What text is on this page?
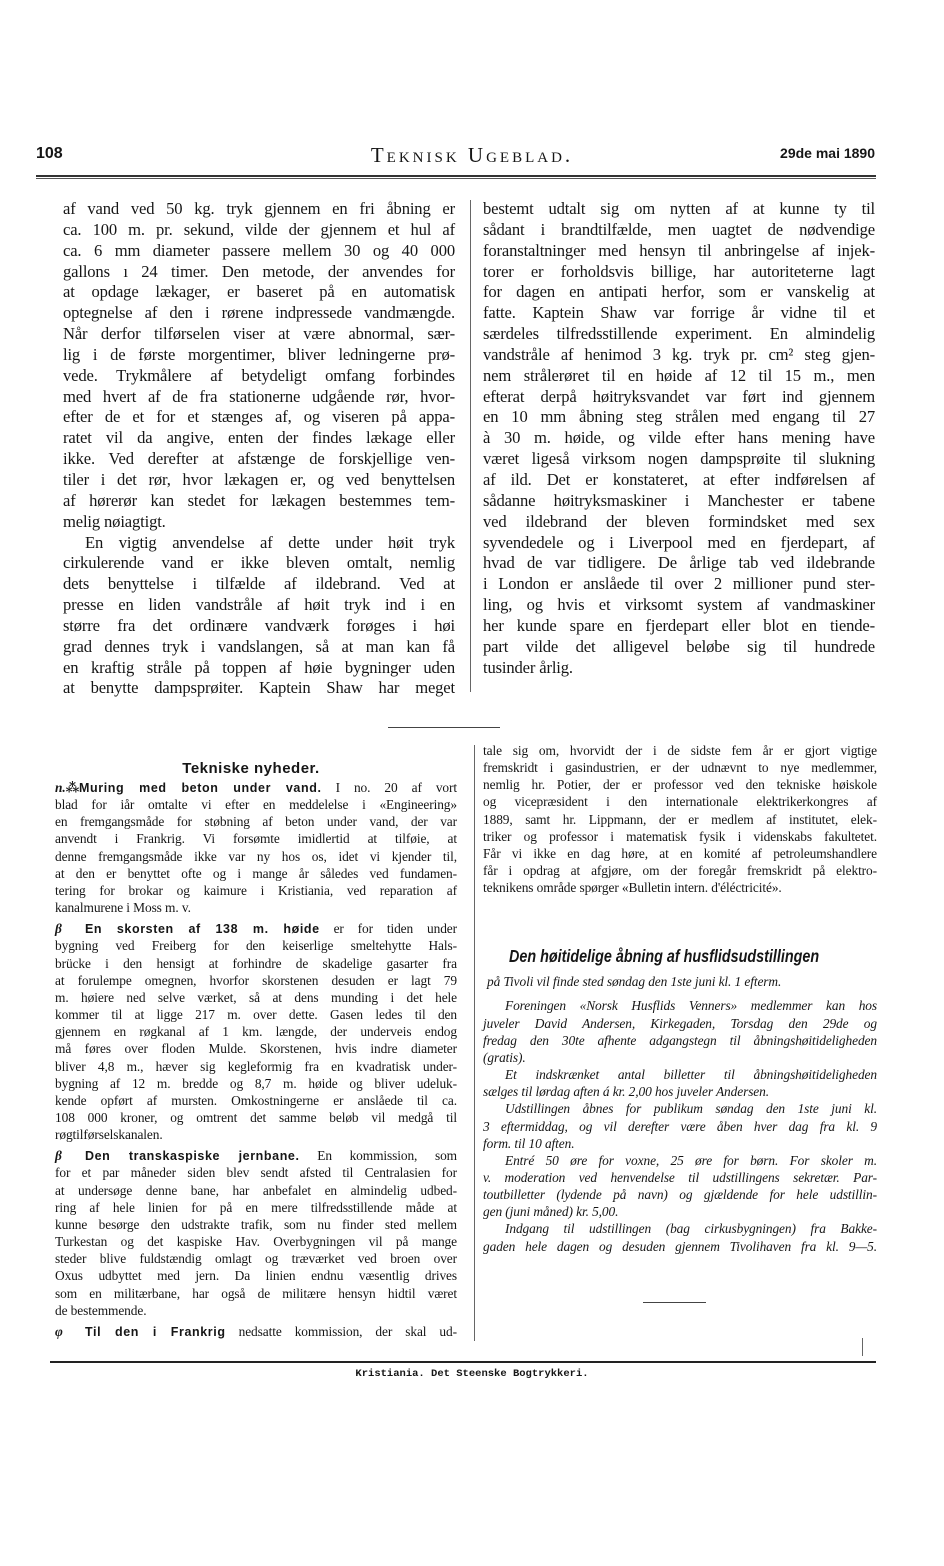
108	Teknisk Ugeblad.	29de mai 1890
af vand ved 50 kg. tryk gjennem en fri åbning er
ca. 100 m. pr. sekund, vilde der gjennem et hul af
ca. 6 mm diameter passere mellem 30 og 40 000
gallons ı 24 timer. Den metode, der anvendes for
at opdage lækager, er baseret på en automatisk
optegnelse af den i rørene indpressede vandmængde.
Når derfor tilførselen viser at være abnormal, sær-
lig i de første morgentimer, bliver ledningerne prø-
vede. Trykmålere af betydeligt omfang forbindes
med hvert af de fra stationerne udgående rør, hvor-
efter de et for et stænges af, og viseren på appa-
ratet vil da angive, enten der findes lækage eller
ikke. Ved derefter at afstænge de forskjellige ven-
tiler i det rør, hvor lækagen er, og ved benyttelsen
af hørerør kan stedet for lækagen bestemmes tem-
melig nøiagtigt.
En vigtig anvendelse af dette under høit tryk
cirkulerende vand er ikke bleven omtalt, nemlig
dets benyttelse i tilfælde af ildebrand. Ved at
presse en liden vandstråle af høit tryk ind i en
større fra det ordinære vandværk forøges i høi
grad dennes tryk i vandslangen, så at man kan få
en kraftig stråle på toppen af høie bygninger uden
at benytte dampsprøiter. Kaptein Shaw har meget
bestemt udtalt sig om nytten af at kunne ty til
sådant i brandtilfælde, men uagtet de nødvendige
foranstaltninger med hensyn til anbringelse af injek-
torer er forholdsvis billige, har autoriteterne lagt
for dagen en antipati herfor, som er vanskelig at
fatte. Kaptein Shaw var forrige år vidne til et
særdeles tilfredsstillende experiment. En almindelig
vandstråle af henimod 3 kg. tryk pr. cm² steg gjen-
nem strålerøret til en høide af 12 til 15 m., men
efterat derpå høitryksvandet var ført ind gjennem
en 10 mm åbning steg strålen med engang til 27
à 30 m. høide, og vilde efter hans mening have
været ligeså virksom nogen dampsprøite til slukning
af ild. Det er konstateret, at efter indførelsen af
sådanne høitryksmaskiner i Manchester er tabene
ved ildebrand der bleven formindsket med sex
syvendedele og i Liverpool med en fjerdepart, af
hvad de var tidligere. De årlige tab ved ildebrande
i London er anslåede til over 2 millioner pund ster-
ling, og hvis et virksomt system af vandmaskiner
her kunde spare en fjerdepart eller blot en tiende-
part vilde det alligevel beløbe sig til hundrede
tusinder årlig.
Tekniske nyheder.
n.⁂Muring med beton under vand. I no. 20 af vort
blad for iår omtalte vi efter en meddelelse i «Engineering»
en fremgangsmåde for støbning af beton under vand, der var
anvendt i Frankrig. Vi forsømte imidlertid at tilføie, at
denne fremgangsmåde ikke var ny hos os, idet vi kjender til,
at den er benyttet ofte og i mange år således ved fundamen-
tering for brokar og kaimure i Kristiania, ved reparation af
kanalmurene i Moss m. v.
β En skorsten af 138 m. høide er for tiden under
bygning ved Freiberg for den keiserlige smeltehytte Hals-
brücke i den hensigt at forhindre de skadelige gasarter fra
at forulempe omegnen, hvorfor skorstenen desuden er lagt 79
m. høiere ned selve værket, så at dens munding i det hele
kommer til at ligge 217 m. over dette. Gasen ledes til den
gjennem en røgkanal af 1 km. længde, der underveis endog
må føres over floden Mulde. Skorstenen, hvis indre diameter
bliver 4,8 m., hæver sig kegleformig fra en kvadratisk under-
bygning af 12 m. bredde og 8,7 m. høide og bliver udeluk-
kende opført af mursten. Omkostningerne er anslåede til ca.
108 000 kroner, og omtrent det samme beløb vil medgå til
røgtilførselskanalen.
β Den transkaspiske jernbane. En kommission, som
for et par måneder siden blev sendt afsted til Centralasien for
at undersøge denne bane, har anbefalet en almindelig udbed-
ring af hele linien for på en mere tilfredsstillende måde at
kunne besørge den udstrakte trafik, som nu finder sted mellem
Turkestan og det kaspiske Hav. Overbygningen vil på mange
steder blive fuldstændig omlagt og træværket ved broen over
Oxus udbyttet med jern. Da linien endnu væsentlig drives
som en militærbane, har også de militære hensyn hidtil været
de bestemmende.
φ Til den i Frankrig nedsatte kommission, der skal ud-
tale sig om, hvorvidt der i de sidste fem år er gjort vigtige
fremskridt i gasindustrien, er der udnævnt to nye medlemmer,
nemlig hr. Potier, der er professor ved den tekniske høiskole
og vicepræsident i den internationale elektrikerkongres af
1889, samt hr. Lippmann, der er medlem af institutet, elek-
triker og professor i matematisk fysik i videnskabs fakultetet.
Får vi ikke en dag høre, at en komité af petroleumshandlere
får i opdrag at afgjøre, om der foregår fremskridt på elektro-
teknikens område spørger «Bulletin intern. d'éléctricité».
Den høitidelige åbning af husflidsudstillingen
på Tivoli vil finde sted søndag den 1ste juni kl. 1 efterm.
Foreningen «Norsk Husflids Venners» medlemmer kan hos
juveler David Andersen, Kirkegaden, Torsdag den 29de og
fredag den 30te afhente adgangstegn til åbningshøitideligheden
(gratis).
Et indskrænket antal billetter til åbningshøitideligheden
sælges til lørdag aften á kr. 2,00 hos juveler Andersen.
Udstillingen åbnes for publikum søndag den 1ste juni kl.
3 eftermiddag, og vil derefter være åben hver dag fra kl. 9
form. til 10 aften.
Entré 50 øre for voxne, 25 øre for børn. For skoler m.
v. moderation ved henvendelse til udstillingens sekretær. Par-
toutbilletter (lydende på navn) og gjældende for hele udstillin-
gen (juni måned) kr. 5,00.
Indgang til udstillingen (bag cirkusbygningen) fra Bakke-
gaden hele dagen og desuden gjennem Tivolihaven fra kl. 9—5.
Kristiania. Det Steenske Bogtrykkeri.
